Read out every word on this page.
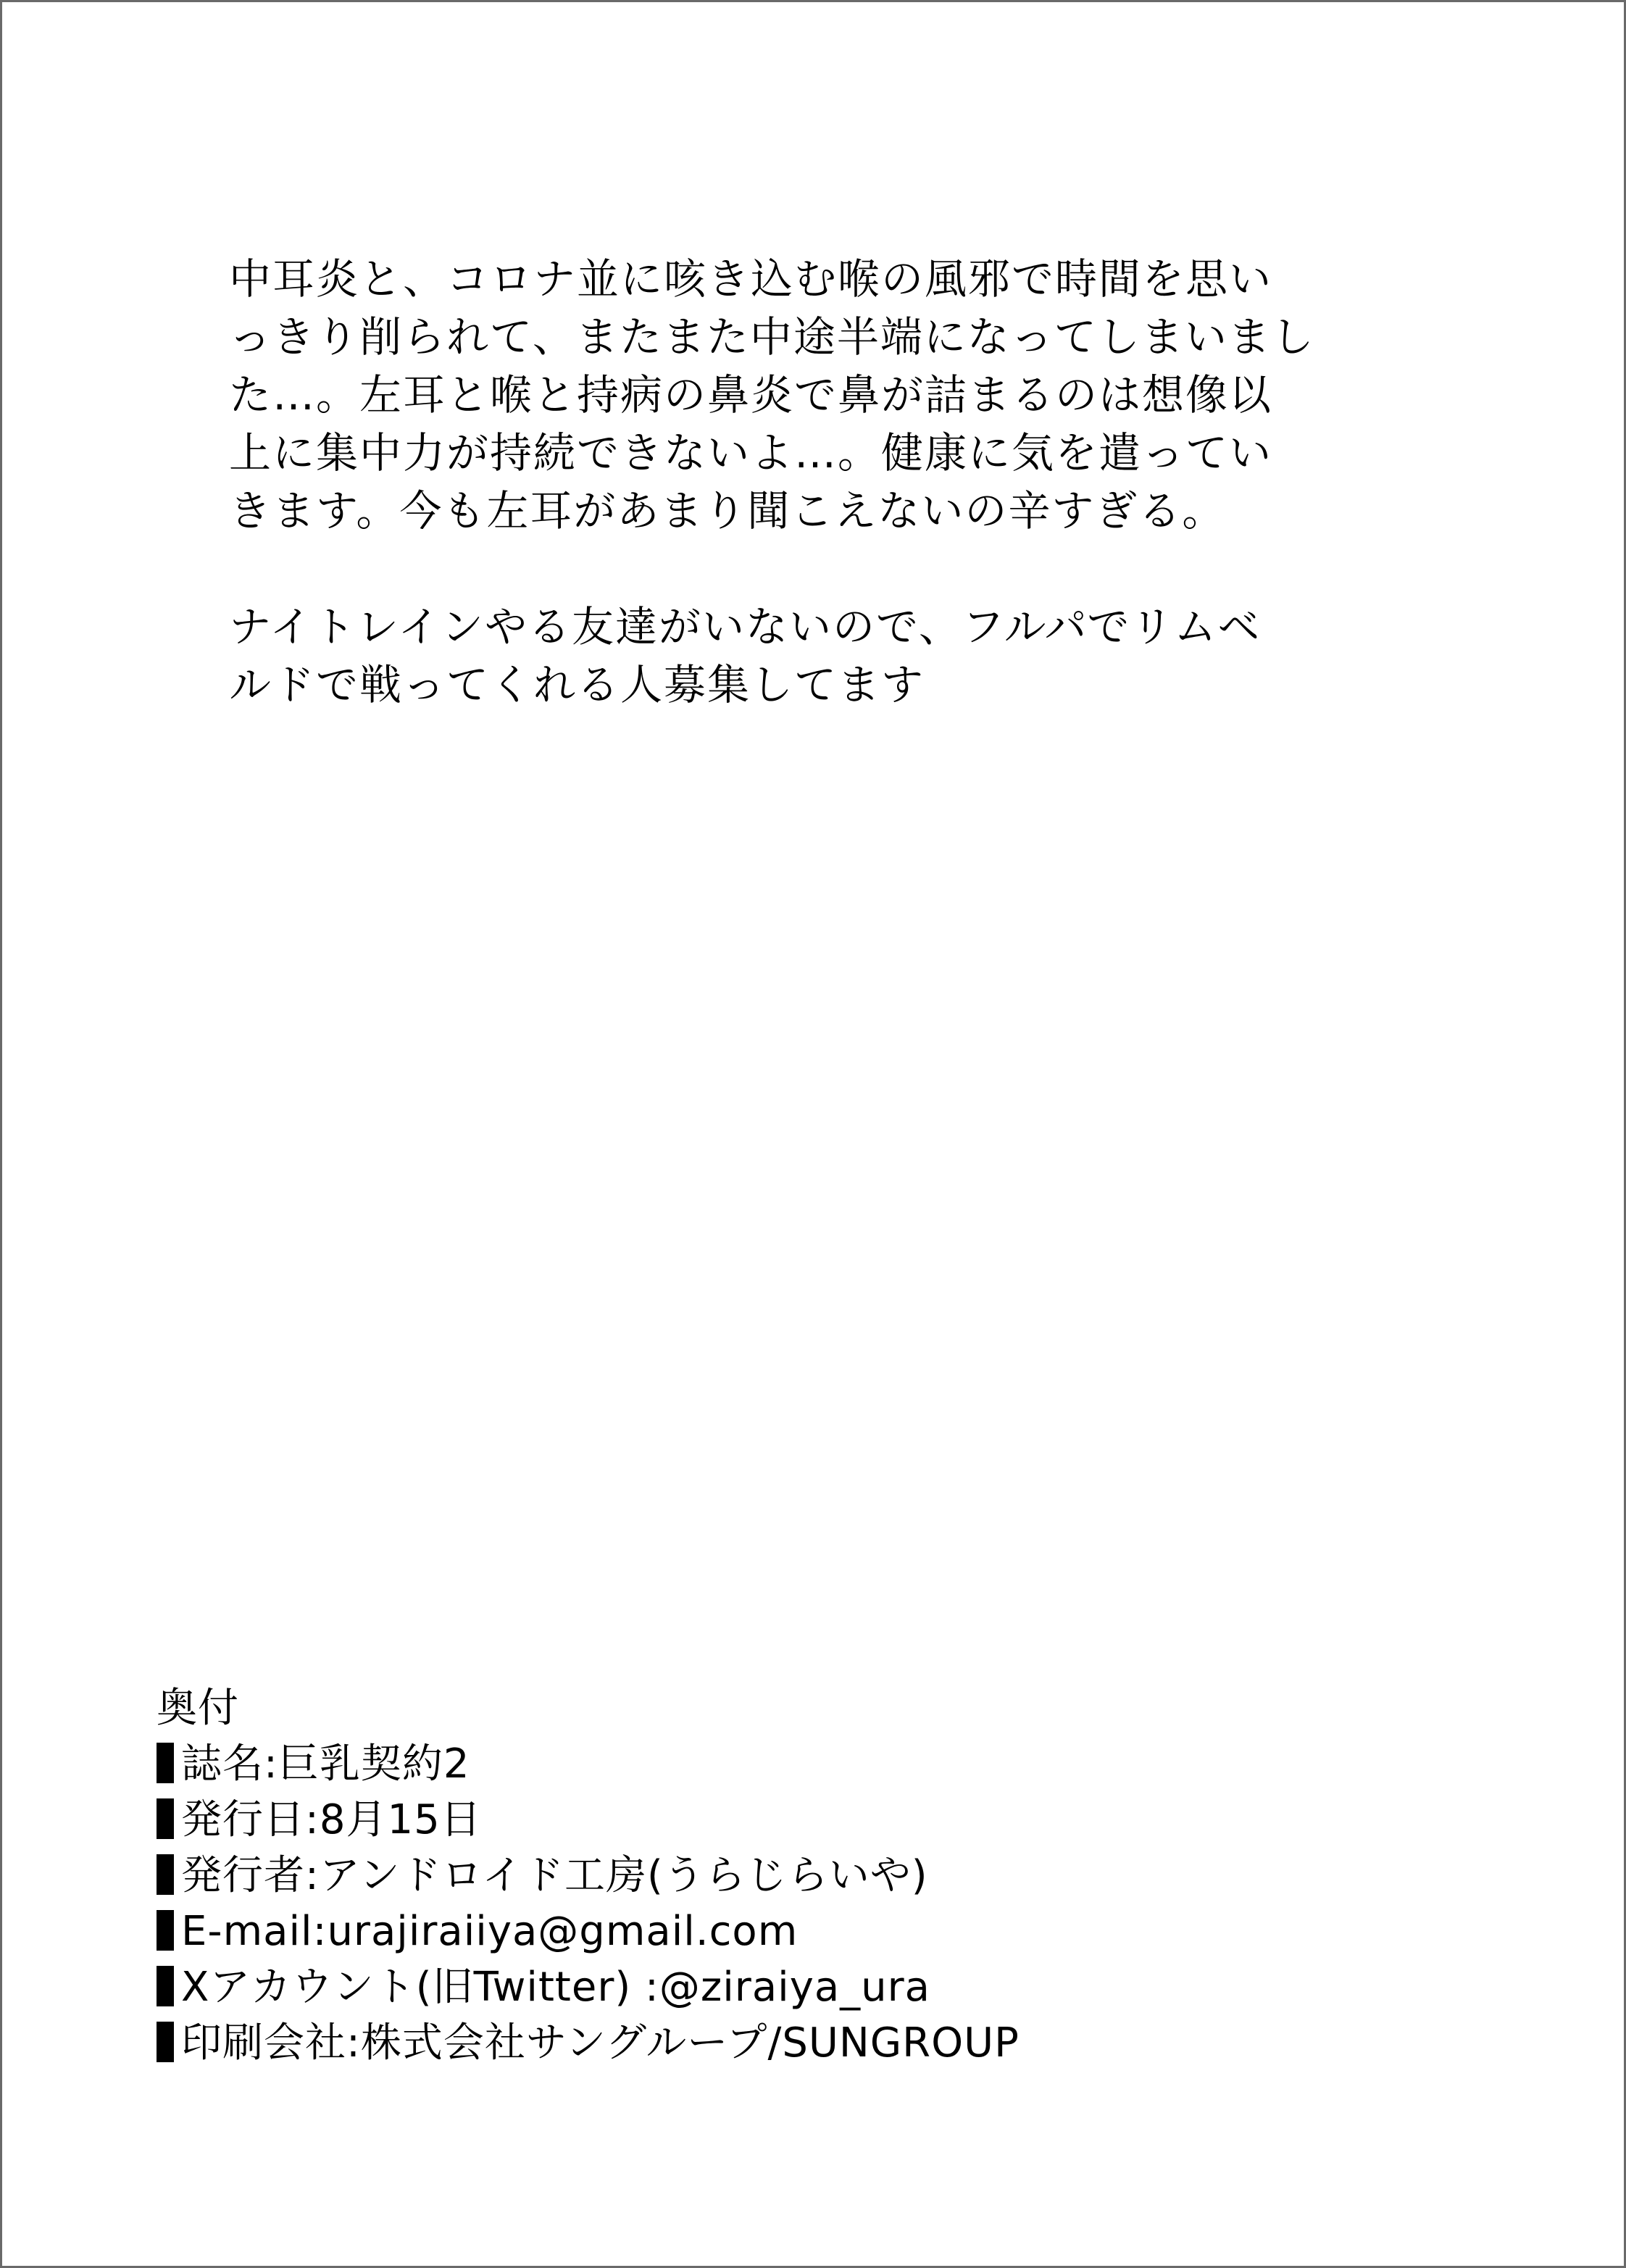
中耳炎と、コロナ並に咳き込む喉の風邪で時間を思い
っきり削られて、またまた中途半端になってしまいまし
た…。左耳と喉と持病の鼻炎で鼻が詰まるのは想像以
上に集中力が持続できないよ…。健康に気を遣ってい
きます。今も左耳があまり聞こえないの辛すぎる。

ナイトレインやる友達がいないので、フルパでリムベ
ルドで戦ってくれる人募集してます

奥付
誌名:巨乳契約2
発行日:8月15日
発行者:アンドロイド工房(うらじらいや)
E-mail:urajiraiiya@gmail.com
Xアカウント(旧Twitter) :@ziraiya_ura
印刷会社:株式会社サングループ/SUNGROUP
